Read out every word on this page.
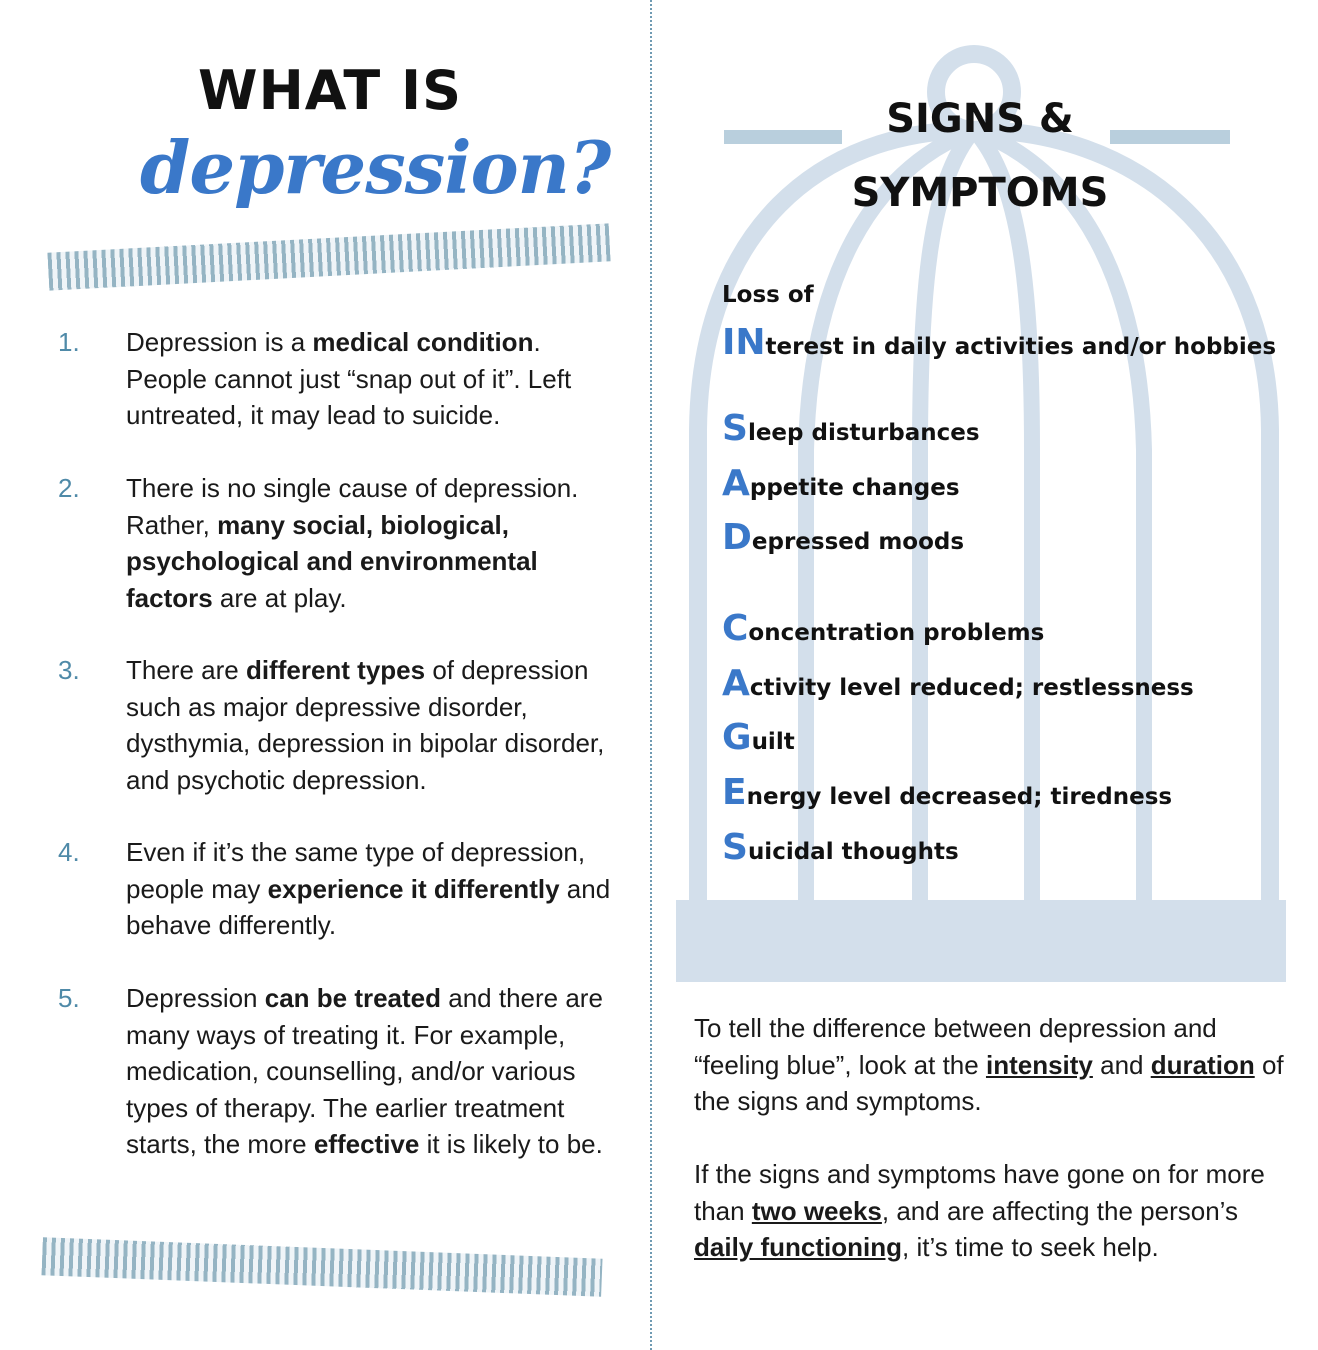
WHAT IS
depression?
1. Depression is a medical condition. People cannot just “snap out of it”. Left untreated, it may lead to suicide.
2. There is no single cause of depression. Rather, many social, biological, psychological and environmental factors are at play.
3. There are different types of depression such as major depressive disorder, dysthymia, depression in bipolar disorder, and psychotic depression.
4. Even if it’s the same type of depression, people may experience it differently and behave differently.
5. Depression can be treated and there are many ways of treating it. For example, medication, counselling, and/or various types of therapy. The earlier treatment starts, the more effective it is likely to be.
SIGNS &
SYMPTOMS
Loss of

INterest in daily activities and/or hobbies

Sleep disturbances

Appetite changes

Depressed moods

Concentration problems

Activity level reduced; restlessness

Guilt

Energy level decreased; tiredness

Suicidal thoughts

To tell the difference between depression and “feeling blue”, look at the intensity and duration of the signs and symptoms.

If the signs and symptoms have gone on for more than two weeks, and are affecting the person’s daily functioning, it’s time to seek help.
